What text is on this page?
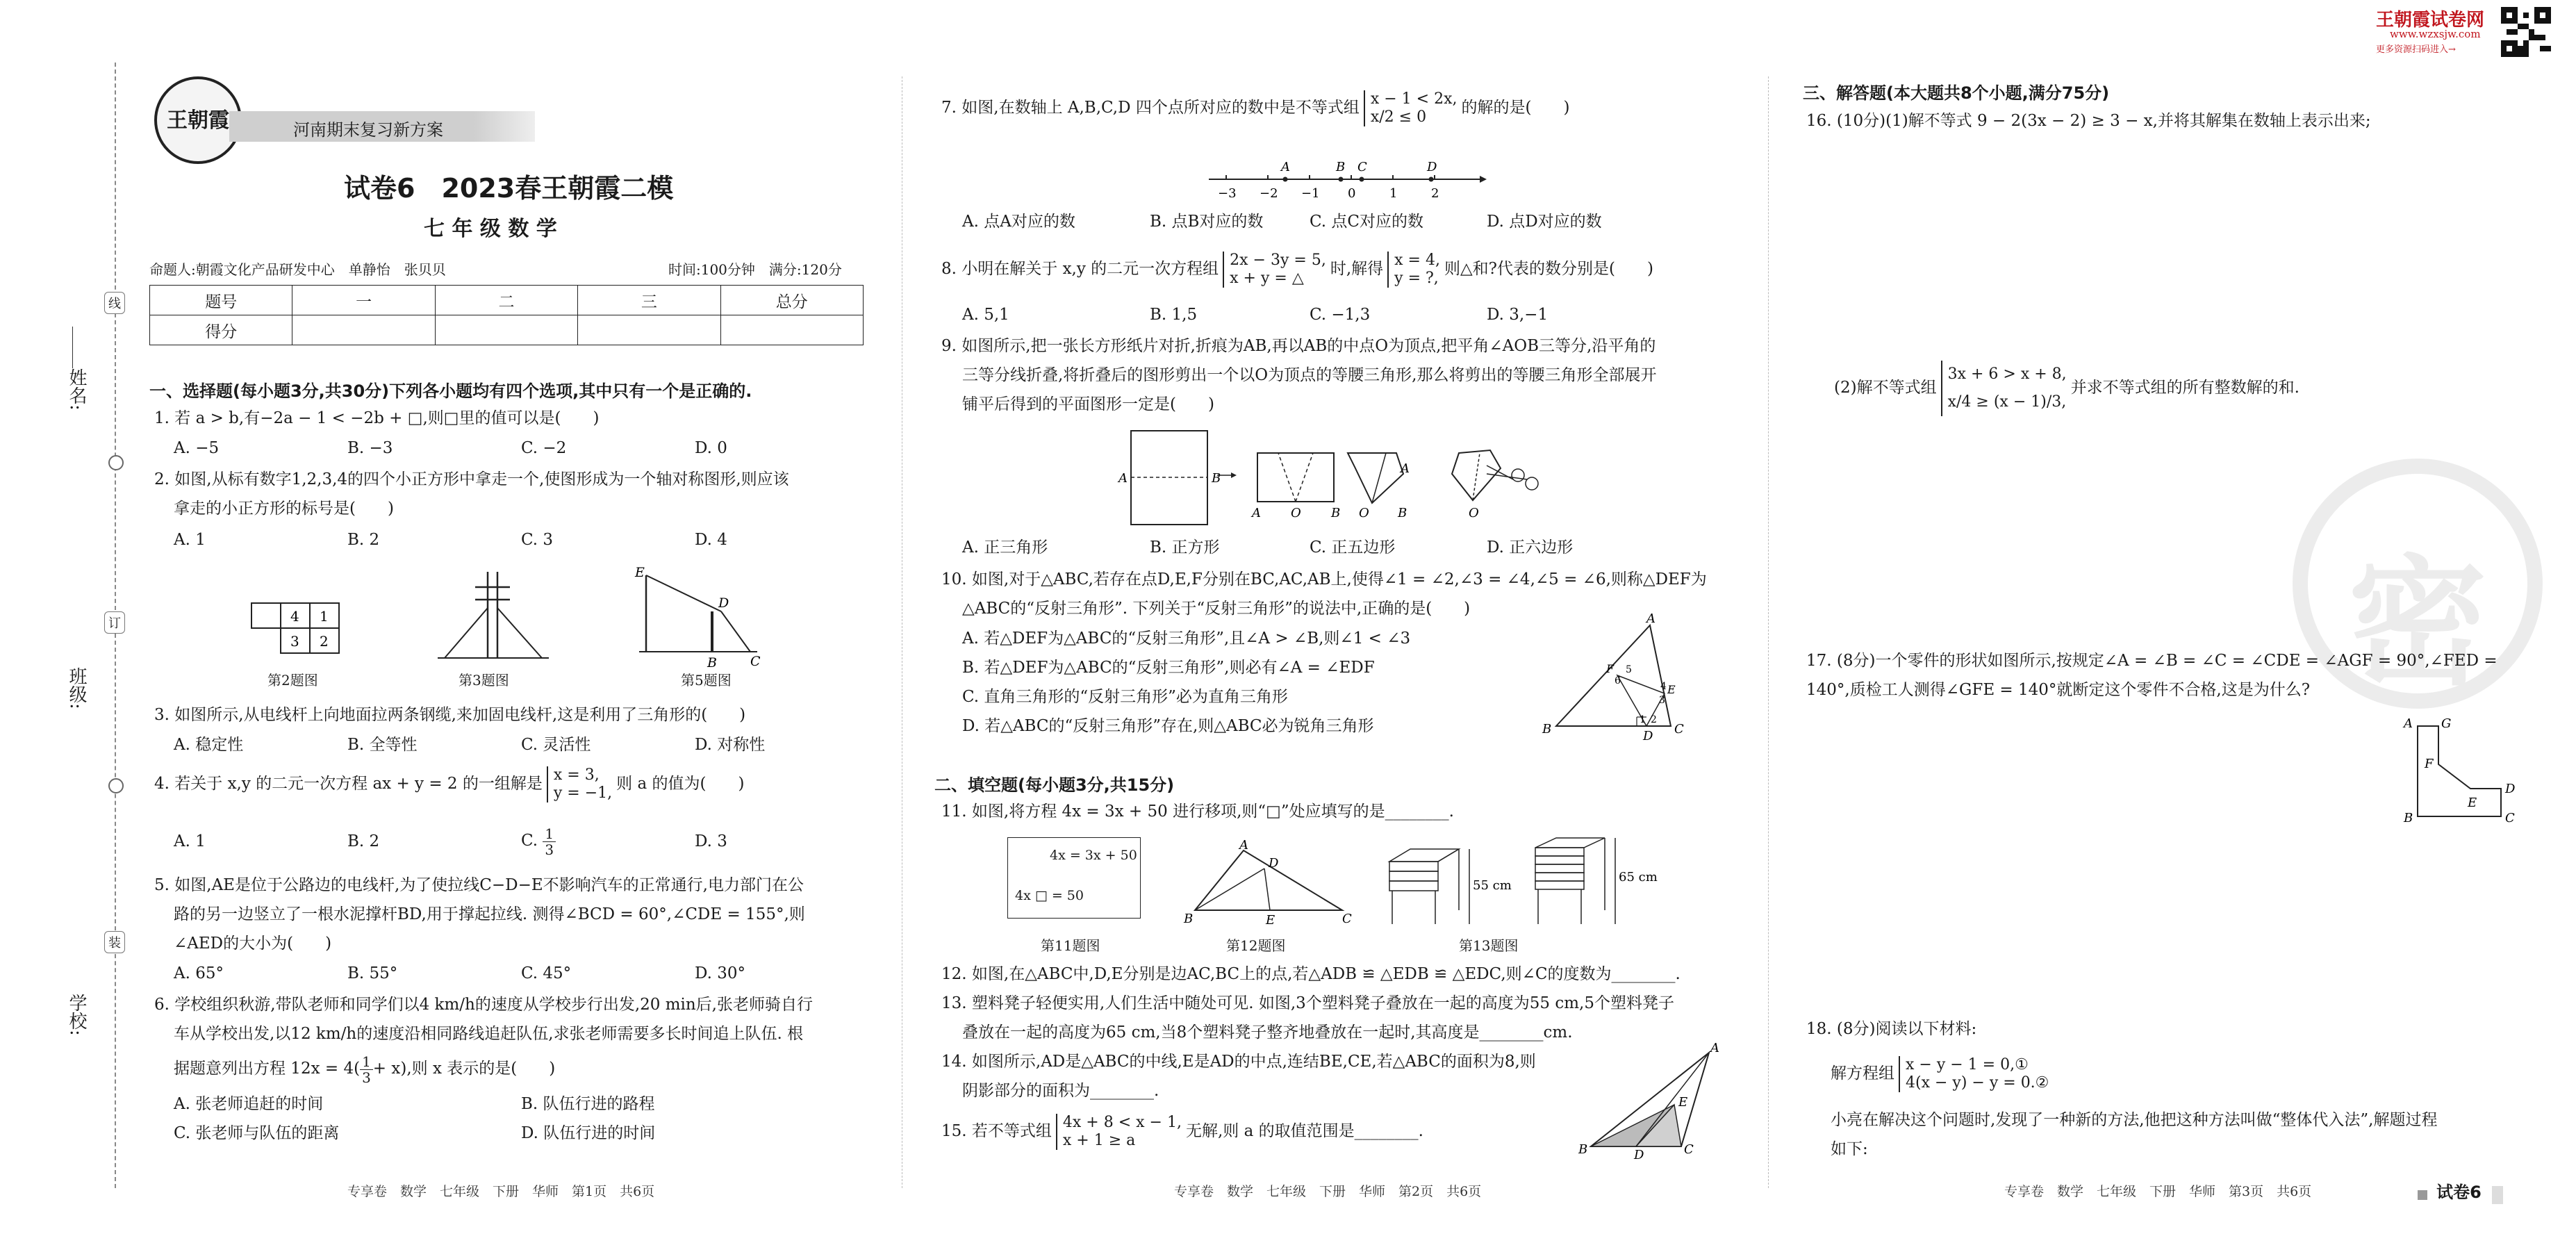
姓名:
班级:
学校:
线
订
装
王朝霞	河南期末复习新方案
试卷6　2023春王朝霞二模
七 年 级 数 学
命题人:朝霞文化产品研发中心　单静怡　张贝贝	时间:100分钟　满分:120分
题号	一	二	三	总分
得分				
一、选择题(每小题3分,共30分)下列各小题均有四个选项,其中只有一个是正确的.
1. 若 a > b,有−2a − 1 < −2b + □,则□里的值可以是(　　)
A. −5	B. −3	C. −2	D. 0
2. 如图,从标有数字1,2,3,4的四个小正方形中拿走一个,使图形成为一个轴对称图形,则应该
拿走的小正方形的标号是(　　)
A. 1	B. 2	C. 3	D. 4
4 1
3 2
第2题图	第3题图
E
D
B	C
第5题图
3. 如图所示,从电线杆上向地面拉两条钢缆,来加固电线杆,这是利用了三角形的(　　)
A. 稳定性	B. 全等性	C. 灵活性	D. 对称性
4. 若关于 x,y 的二元一次方程 ax + y = 2 的一组解是 x = 3,
y = −1,
则 a 的值为(　　)
A. 1	B. 2	C. $\frac{1}{3}$	D. 3
5. 如图,AE是位于公路边的电线杆,为了使拉线C−D−E不影响汽车的正常通行,电力部门在公
路的另一边竖立了一根水泥撑杆BD,用于撑起拉线. 测得∠BCD = 60°,∠CDE = 155°,则
∠AED的大小为(　　)
A. 65°	B. 55°	C. 45°	D. 30°
6. 学校组织秋游,带队老师和同学们以4 km/h的速度从学校步行出发,20 min后,张老师骑自行
车从学校出发,以12 km/h的速度沿相同路线追赶队伍,求张老师需要多长时间追上队伍. 根
据题意列出方程 $12x = 4( \frac{1}{3} + x)$,则 x 表示的是(　　)
A. 张老师追赶的时间	B. 队伍行进的路程
C. 张老师与队伍的距离	D. 队伍行进的时间
专享卷　数学　七年级　下册　华师　第1页　共6页
7. 如图,在数轴上 A,B,C,D 四个点所对应的数中是不等式组 x − 1 < 2x,
x/2 ≤ 0
的解的是(　　)
A	B C	D
−3 −2 −1 0	1	2
A. 点A对应的数	B. 点B对应的数	C. 点C对应的数	D. 点D对应的数
8. 小明在解关于 x,y 的二元一次方程组 2x − 3y = 5,
x + y = △
时,解得 x = 4,
y = ?,
则△和?代表的数分别是(　　)
A. 5,1	B. 1,5	C. −1,3	D. 3,−1
9. 如图所示,把一张长方形纸片对折,折痕为AB,再以AB的中点O为顶点,把平角∠AOB三等分,沿平角的
三等分线折叠,将折叠后的图形剪出一个以O为顶点的等腰三角形,那么将剪出的等腰三角形全部展开
铺平后得到的平面图形一定是(　　)
A	B
A O B
A
O B	O
A. 正三角形	B. 正方形	C. 正五边形	D. 正六边形
10. 如图,对于△ABC,若存在点D,E,F分别在BC,AC,AB上,使得∠1 = ∠2,∠3 = ∠4,∠5 = ∠6,则称△DEF为
△ABC的“反射三角形”. 下列关于“反射三角形”的说法中,正确的是(　　)
A. 若△DEF为△ABC的“反射三角形”,且∠A > ∠B,则∠1 < ∠3
B. 若△DEF为△ABC的“反射三角形”,则必有∠A = ∠EDF
C. 直角三角形的“反射三角形”必为直角三角形
D. 若△ABC的“反射三角形”存在,则△ABC必为锐角三角形
A
B	C
D
E
F
1 2
3
4
5
6
二、填空题(每小题3分,共15分)
11. 如图,将方程 4x = 3x + 50 进行移项,则“□”处应填写的是________.
4x = 3x + 50
4x □ = 50
第11题图
A
D
B	E	C
第12题图
55 cm
65 cm
第13题图
12. 如图,在△ABC中,D,E分别是边AC,BC上的点,若△ADB ≌ △EDB ≌ △EDC,则∠C的度数为________.
13. 塑料凳子轻便实用,人们生活中随处可见. 如图,3个塑料凳子叠放在一起的高度为55 cm,5个塑料凳子
叠放在一起的高度为65 cm,当8个塑料凳子整齐地叠放在一起时,其高度是________cm.
14. 如图所示,AD是△ABC的中线,E是AD的中点,连结BE,CE,若△ABC的面积为8,则
阴影部分的面积为________.
A
E
B	D	C
15. 若不等式组 4x + 8 < x − 1,
x + 1 ≥ a
无解,则 a 的取值范围是________.
专享卷　数学　七年级　下册　华师　第2页　共6页
王朝霞试卷网
www.wzxsjw.com
更多资源扫码进入→
密
三、解答题(本大题共8个小题,满分75分)
16. (10分)(1)解不等式 9 − 2(3x − 2) ≥ 3 − x,并将其解集在数轴上表示出来;
(2)解不等式组
3x + 6 > x + 8,
x/4 ≥ (x − 1)/3,
并求不等式组的所有整数解的和.
17. (8分)一个零件的形状如图所示,按规定∠A = ∠B = ∠C = ∠CDE = ∠AGF = 90°,∠FED =
140°,质检工人测得∠GFE = 140°就断定这个零件不合格,这是为什么?
A G
F
D
E
B	C
18. (8分)阅读以下材料:
解方程组 x − y − 1 = 0,①
4(x − y) − y = 0.②
小亮在解决这个问题时,发现了一种新的方法,他把这种方法叫做“整体代入法”,解题过程
如下:
专享卷　数学　七年级　下册　华师　第3页　共6页	试卷6
